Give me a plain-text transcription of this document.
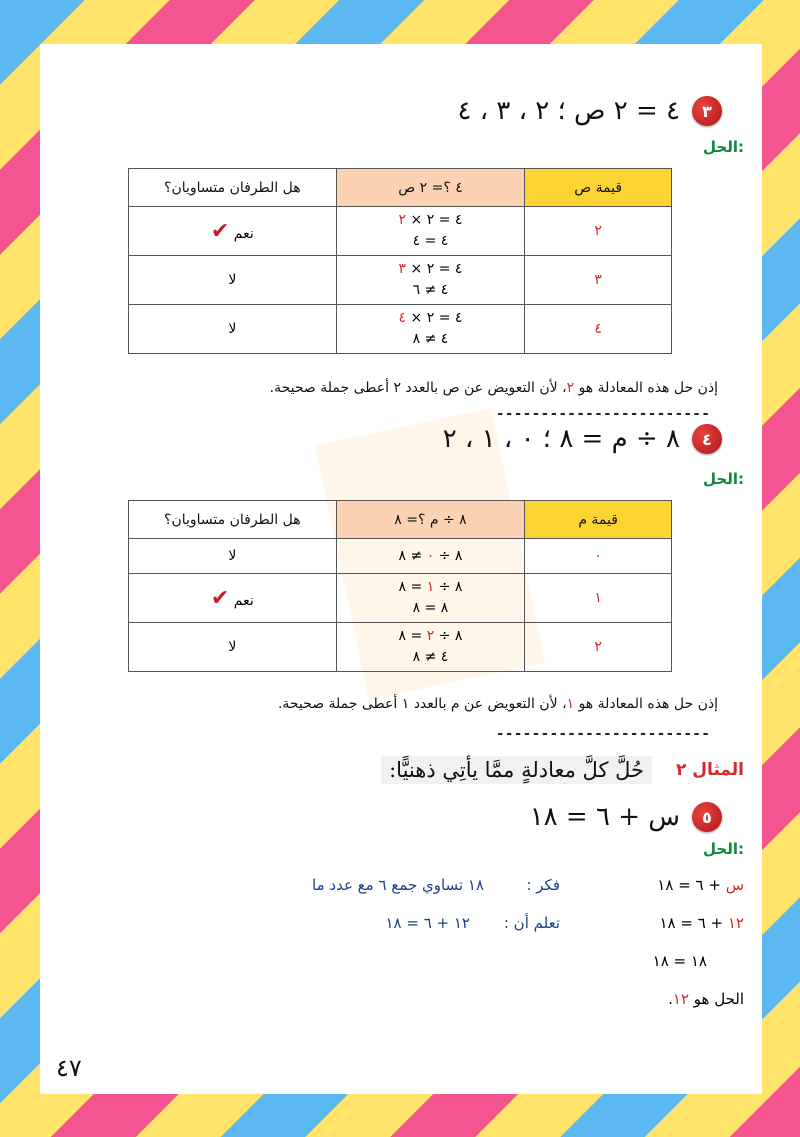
٣
٤ = ٢ ص ؛ ٢ ، ٣ ، ٤
الحل:
قيمة ص	٤ ؟= ٢ ص	هل الطرفان متساويان؟
٢	٤ = ٢ × ٢
٤ = ٤	نعم ✔
٣	٤ = ٢ × ٣
٤ ≠ ٦	لا
٤	٤ = ٢ × ٤
٤ ≠ ٨	لا
إذن حل هذه المعادلة هو ٢، لأن التعويض عن ص بالعدد ٢ أعطى جملة صحيحة.
------------------------
٤
٨ ÷ م = ٨ ؛ ٠ ، ١ ، ٢
الحل:
قيمة م	٨ ÷ م ؟= ٨	هل الطرفان متساويان؟
٠	٨ ÷ ٠ ≠ ٨	لا
١	٨ ÷ ١ = ٨
٨ = ٨	نعم ✔
٢	٨ ÷ ٢ = ٨
٤ ≠ ٨	لا
إذن حل هذه المعادلة هو ١، لأن التعويض عن م بالعدد ١ أعطى جملة صحيحة.
------------------------
المثال ٢
حُلَّ كلَّ معادلةٍ ممَّا يأتِي ذهنيًّا:
٥
س + ٦ = ١٨
الحل:
س + ٦ = ١٨
فكر :
١٨ تساوي جمع ٦ مع عدد ما
١٢ + ٦ = ١٨
تعلم أن :
١٢ + ٦ = ١٨
١٨ = ١٨
الحل هو ١٢.
٤٧
